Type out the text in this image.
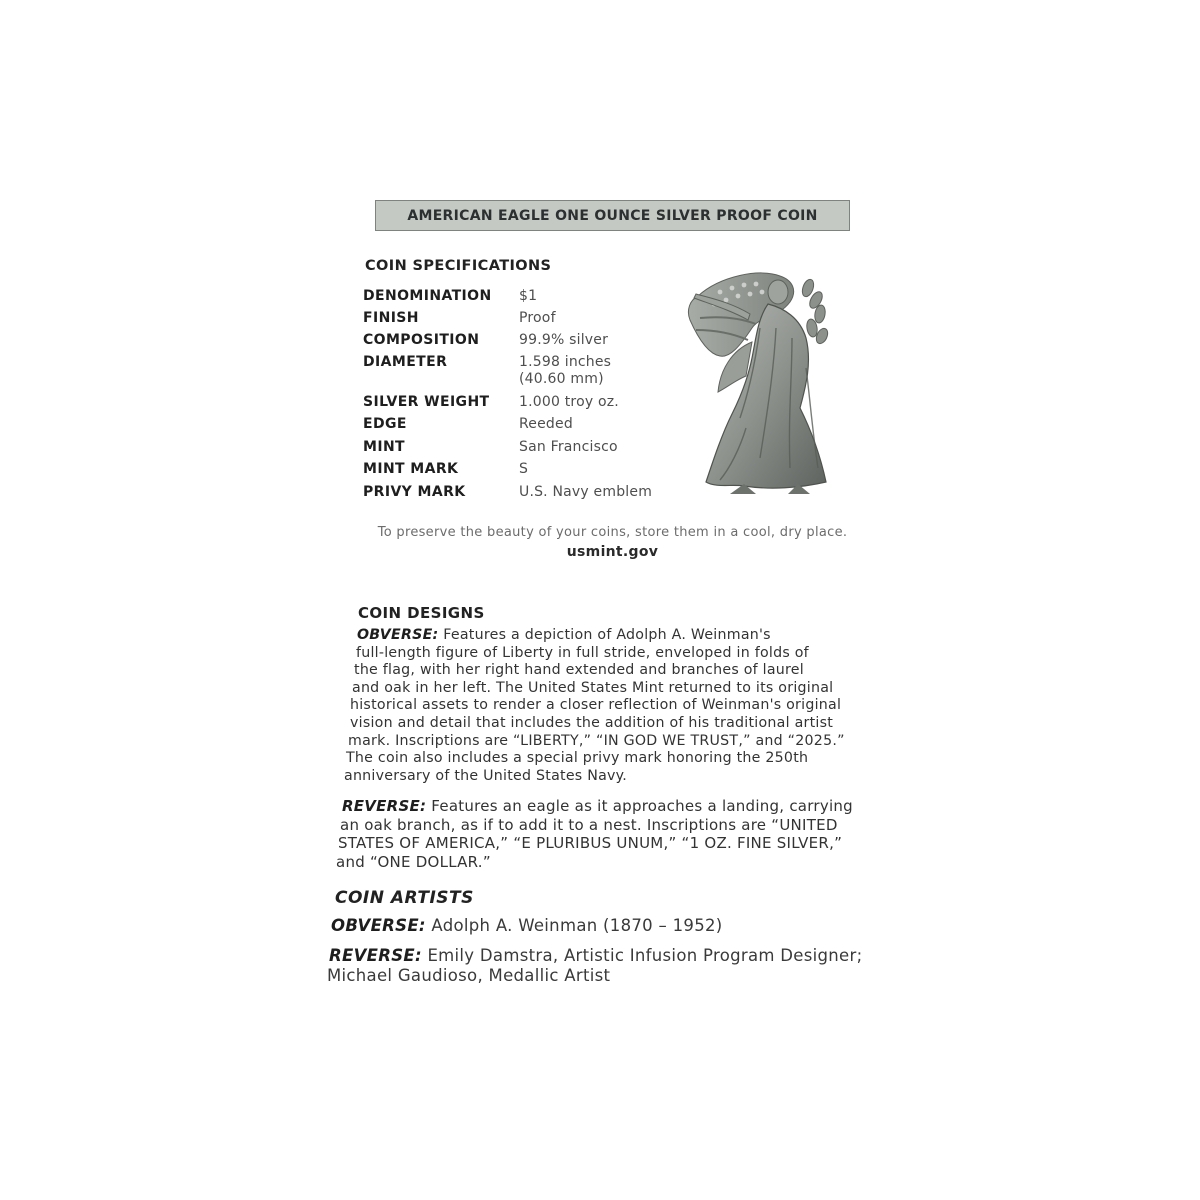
AMERICAN EAGLE ONE OUNCE SILVER PROOF COIN
COIN SPECIFICATIONS
DENOMINATION $1
FINISH	Proof
COMPOSITION	99.9% silver
DIAMETER	1.598 inches
(40.60 mm)
SILVER WEIGHT 1.000 troy oz.
EDGE	Reeded
MINT	San Francisco
MINT MARK	S
PRIVY MARK	U.S. Navy emblem
To preserve the beauty of your coins, store them in a cool, dry place.
usmint.gov
COIN DESIGNS
OBVERSE: Features a depiction of Adolph A. Weinman's
full-length figure of Liberty in full stride, enveloped in folds of
the flag, with her right hand extended and branches of laurel
and oak in her left. The United States Mint returned to its original
historical assets to render a closer reflection of Weinman's original
vision and detail that includes the addition of his traditional artist
mark. Inscriptions are “LIBERTY,” “IN GOD WE TRUST,” and “2025.”
The coin also includes a special privy mark honoring the 250th
anniversary of the United States Navy.
REVERSE: Features an eagle as it approaches a landing, carrying
an oak branch, as if to add it to a nest. Inscriptions are “UNITED
STATES OF AMERICA,” “E PLURIBUS UNUM,” “1 OZ. FINE SILVER,”
and “ONE DOLLAR.”
COIN ARTISTS
OBVERSE: Adolph A. Weinman (1870 – 1952)
REVERSE: Emily Damstra, Artistic Infusion Program Designer;
Michael Gaudioso, Medallic Artist
